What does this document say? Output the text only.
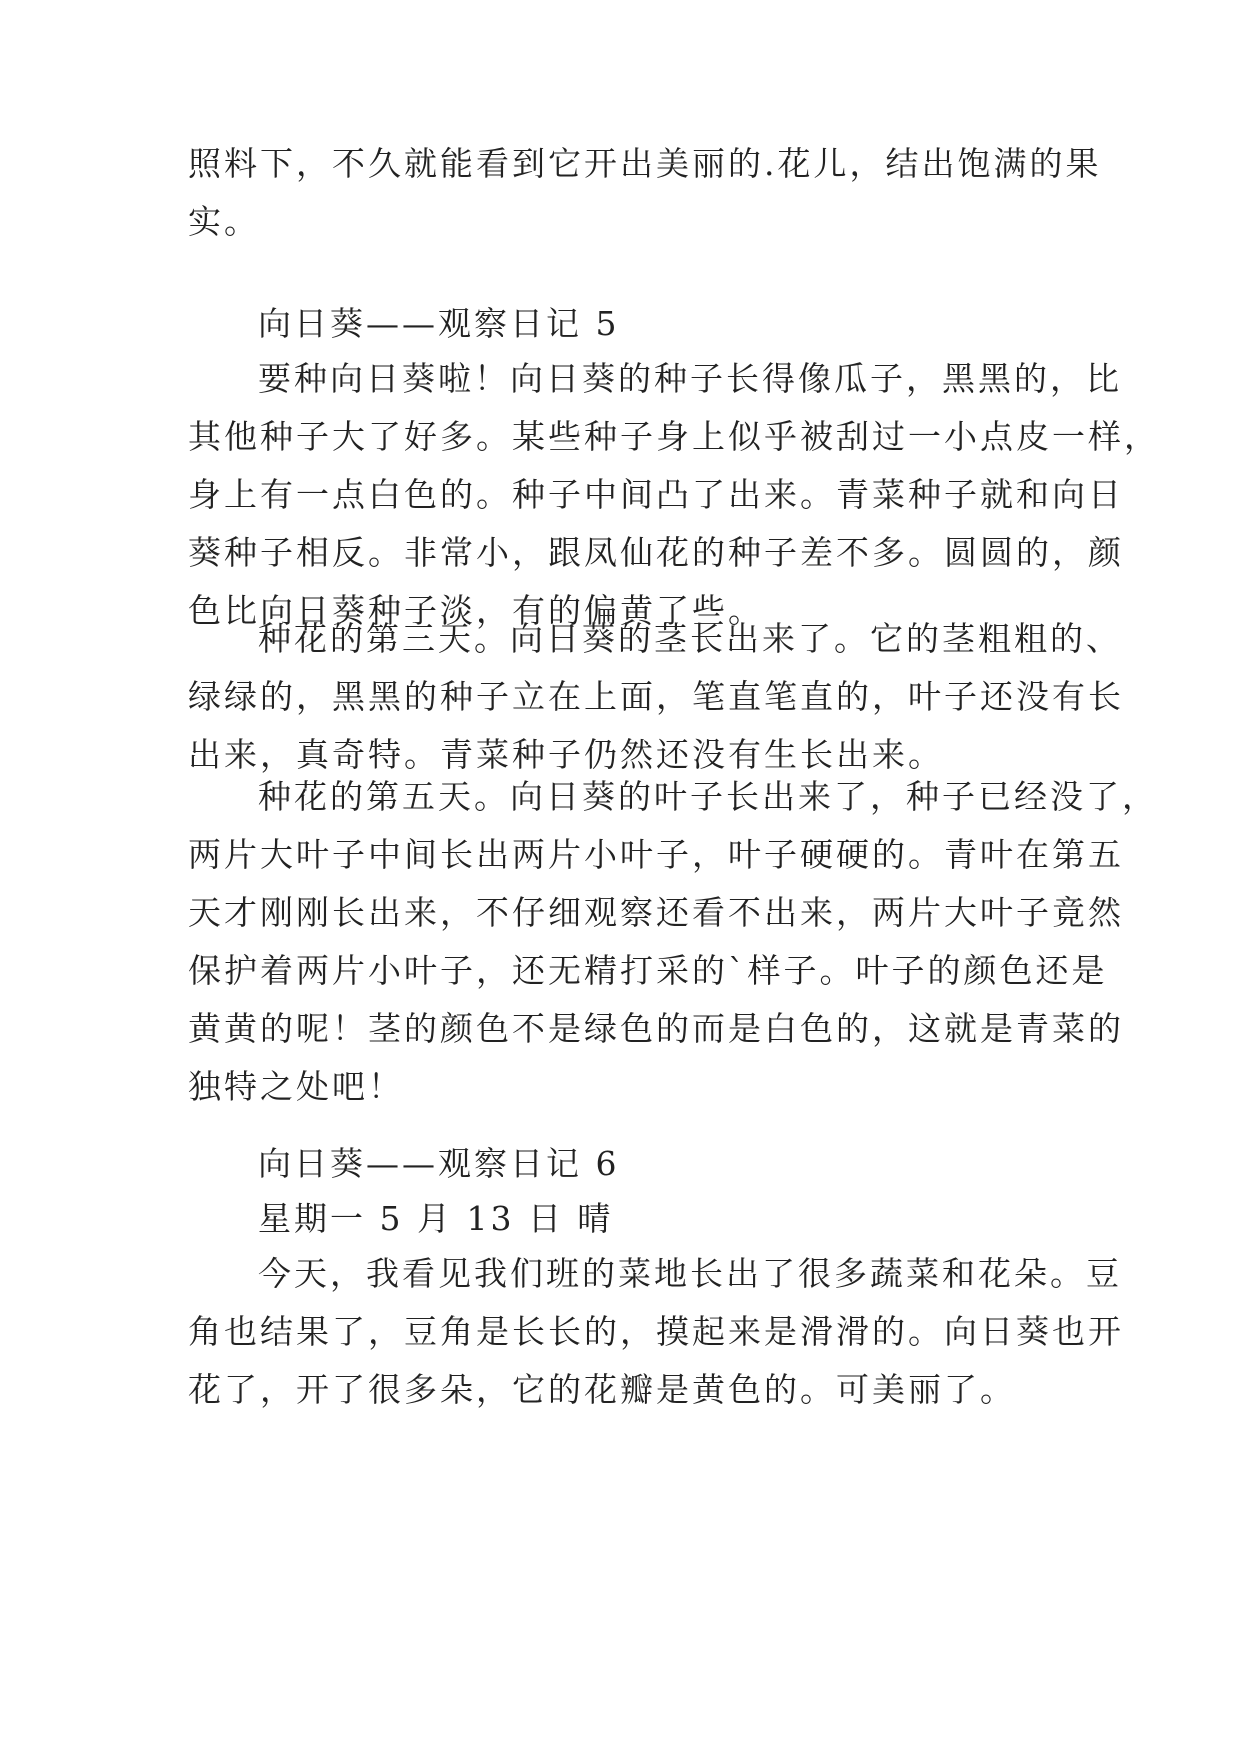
照料下，不久就能看到它开出美丽的.花儿，结出饱满的果
实。
向日葵——观察日记 5
要种向日葵啦！向日葵的种子长得像瓜子，黑黑的，比
其他种子大了好多。某些种子身上似乎被刮过一小点皮一样，
身上有一点白色的。种子中间凸了出来。青菜种子就和向日
葵种子相反。非常小，跟凤仙花的种子差不多。圆圆的，颜
色比向日葵种子淡，有的偏黄了些。
种花的第三天。向日葵的茎长出来了。它的茎粗粗的、
绿绿的，黑黑的种子立在上面，笔直笔直的，叶子还没有长
出来，真奇特。青菜种子仍然还没有生长出来。
种花的第五天。向日葵的叶子长出来了，种子已经没了，
两片大叶子中间长出两片小叶子，叶子硬硬的。青叶在第五
天才刚刚长出来，不仔细观察还看不出来，两片大叶子竟然
保护着两片小叶子，还无精打采的`样子。叶子的颜色还是
黄黄的呢！茎的颜色不是绿色的而是白色的，这就是青菜的
独特之处吧！
向日葵——观察日记 6
星期一 5 月 13 日 晴
今天，我看见我们班的菜地长出了很多蔬菜和花朵。豆
角也结果了，豆角是长长的，摸起来是滑滑的。向日葵也开
花了，开了很多朵，它的花瓣是黄色的。可美丽了。
